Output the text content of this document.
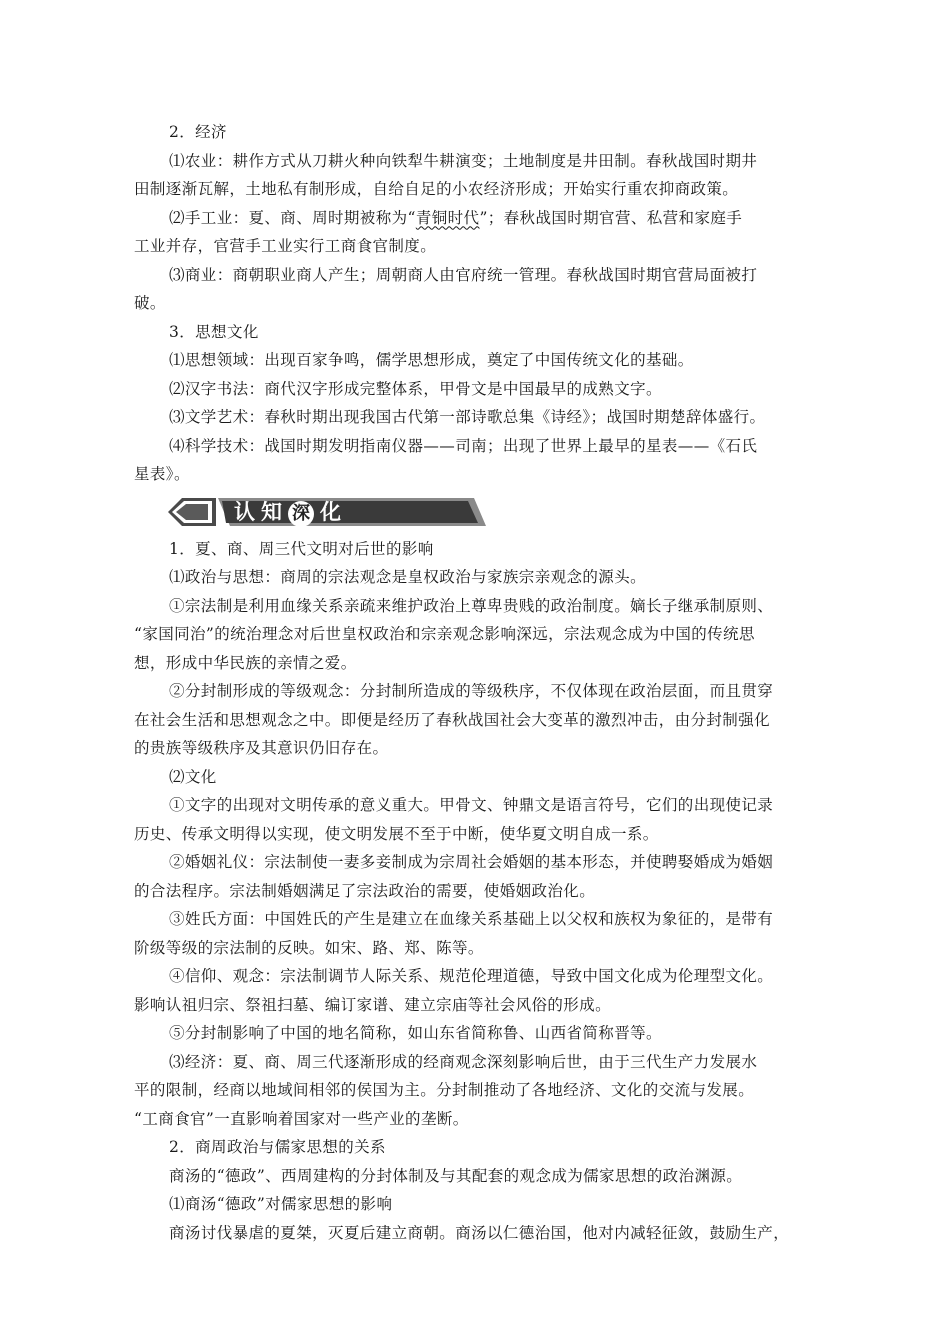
2．经济
⑴农业：耕作方式从刀耕火种向铁犁牛耕演变；土地制度是井田制。春秋战国时期井
田制逐渐瓦解，土地私有制形成，自给自足的小农经济形成；开始实行重农抑商政策。
⑵手工业：夏、商、周时期被称为“青铜时代”；春秋战国时期官营、私营和家庭手
工业并存，官营手工业实行工商食官制度。
⑶商业：商朝职业商人产生；周朝商人由官府统一管理。春秋战国时期官营局面被打
破。
3．思想文化
⑴思想领域：出现百家争鸣，儒学思想形成，奠定了中国传统文化的基础。
⑵汉字书法：商代汉字形成完整体系，甲骨文是中国最早的成熟文字。
⑶文学艺术：春秋时期出现我国古代第一部诗歌总集《诗经》；战国时期楚辞体盛行。
⑷科学技术：战国时期发明指南仪器——司南；出现了世界上最早的星表——《石氏
星表》。
认知 深 化
1．夏、商、周三代文明对后世的影响
⑴政治与思想：商周的宗法观念是皇权政治与家族宗亲观念的源头。
①宗法制是利用血缘关系亲疏来维护政治上尊卑贵贱的政治制度。嫡长子继承制原则、
“家国同治”的统治理念对后世皇权政治和宗亲观念影响深远，宗法观念成为中国的传统思
想，形成中华民族的亲情之爱。
②分封制形成的等级观念：分封制所造成的等级秩序，不仅体现在政治层面，而且贯穿
在社会生活和思想观念之中。即便是经历了春秋战国社会大变革的激烈冲击，由分封制强化
的贵族等级秩序及其意识仍旧存在。
⑵文化
①文字的出现对文明传承的意义重大。甲骨文、钟鼎文是语言符号，它们的出现使记录
历史、传承文明得以实现，使文明发展不至于中断，使华夏文明自成一系。
②婚姻礼仪：宗法制使一妻多妾制成为宗周社会婚姻的基本形态，并使聘娶婚成为婚姻
的合法程序。宗法制婚姻满足了宗法政治的需要，使婚姻政治化。
③姓氏方面：中国姓氏的产生是建立在血缘关系基础上以父权和族权为象征的，是带有
阶级等级的宗法制的反映。如宋、路、郑、陈等。
④信仰、观念：宗法制调节人际关系、规范伦理道德，导致中国文化成为伦理型文化。
影响认祖归宗、祭祖扫墓、编订家谱、建立宗庙等社会风俗的形成。
⑤分封制影响了中国的地名简称，如山东省简称鲁、山西省简称晋等。
⑶经济：夏、商、周三代逐渐形成的经商观念深刻影响后世，由于三代生产力发展水
平的限制，经商以地域间相邻的侯国为主。分封制推动了各地经济、文化的交流与发展。
“工商食官”一直影响着国家对一些产业的垄断。
2．商周政治与儒家思想的关系
商汤的“德政”、西周建构的分封体制及与其配套的观念成为儒家思想的政治渊源。
⑴商汤“德政”对儒家思想的影响
商汤讨伐暴虐的夏桀，灭夏后建立商朝。商汤以仁德治国，他对内减轻征敛，鼓励生产，
